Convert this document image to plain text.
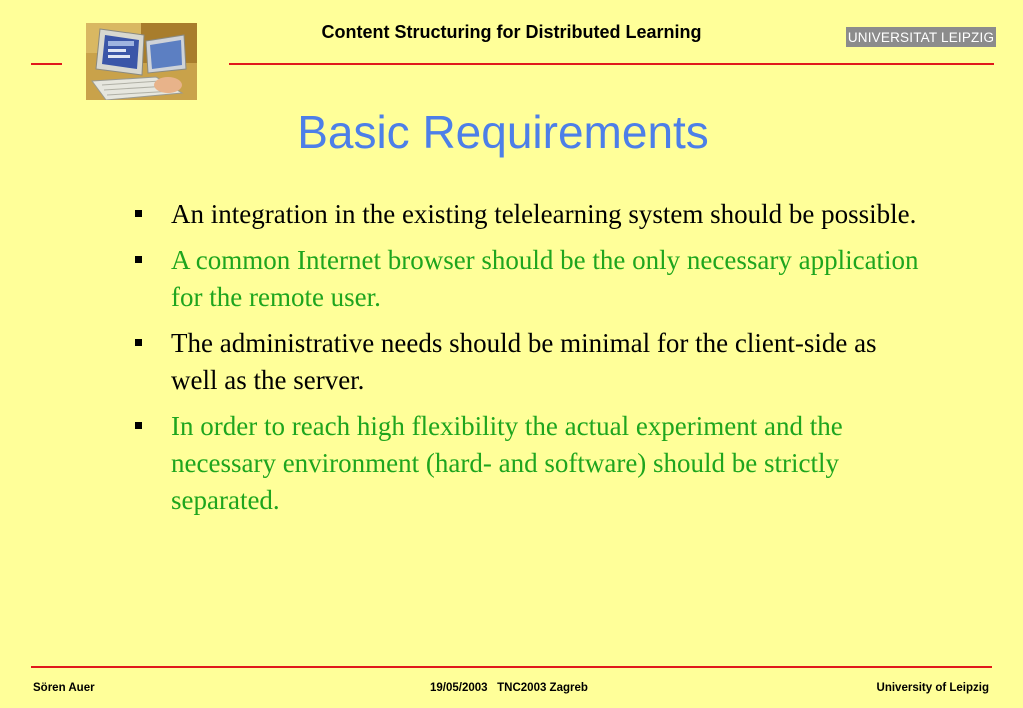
Content Structuring for Distributed Learning	UNIVERSITAT LEIPZIG
Basic Requirements
An integration in the existing telelearning system should be possible.
A common Internet browser should be the only necessary application for the remote user.
The administrative needs should be minimal for the client-side as well as the server.
In order to reach high flexibility the actual experiment and the necessary environment (hard- and software) should be strictly separated.
Sören Auer	19/05/2003   TNC2003 Zagreb	University of Leipzig
